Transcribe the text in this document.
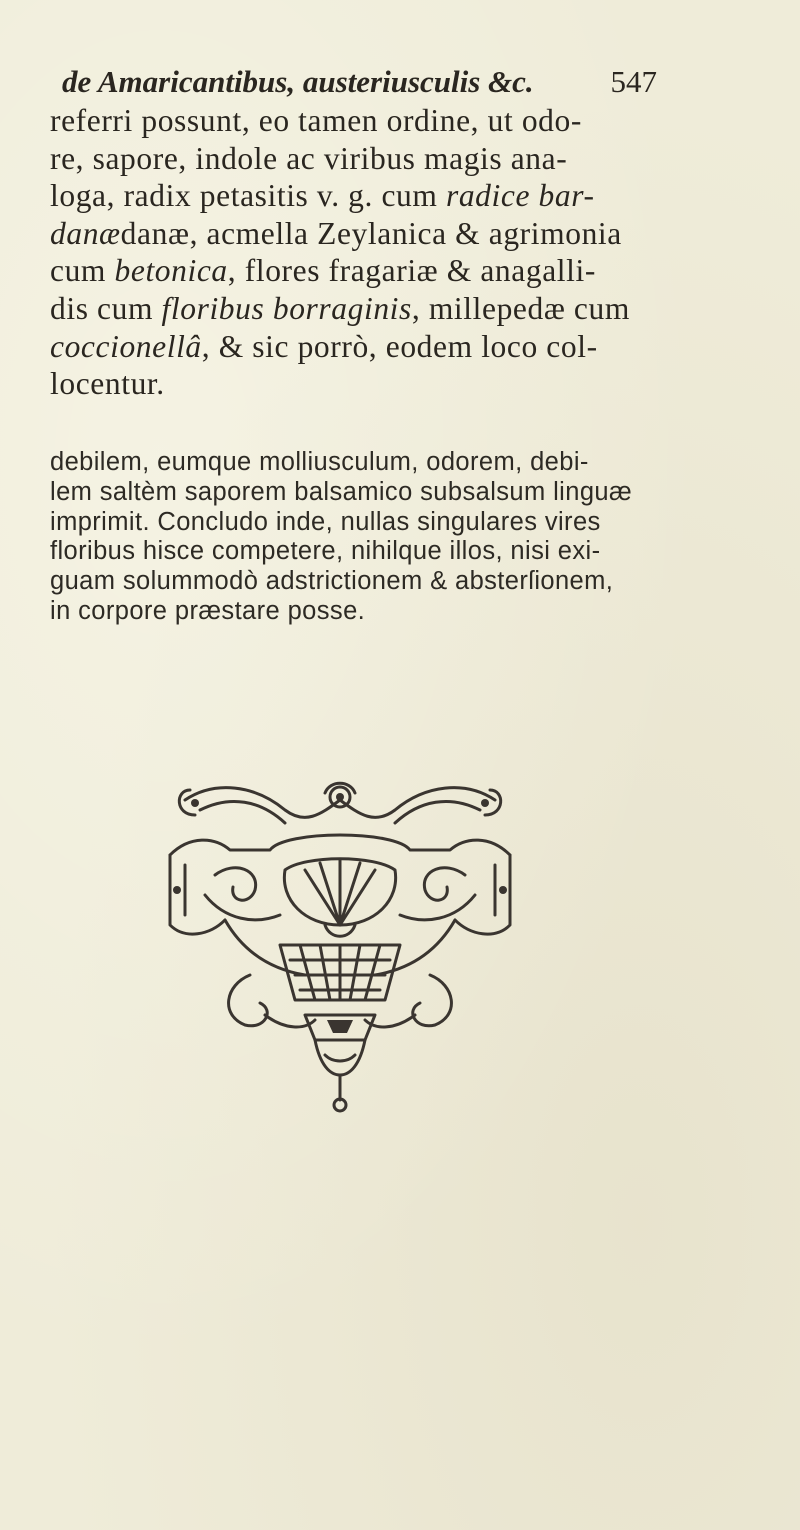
de Amaricantibus, austeriusculis &c. 547
referri possunt, eo tamen ordine, ut odo-
re, sapore, indole ac viribus magis ana-
loga, radix petasitis v. g. cum radice bar-
danædanæ, acmella Zeylanica & agrimonia
cum betonica, flores fragariæ & anagalli-
dis cum floribus borraginis, millepedæ cum
coccionellâ, & sic porrò, eodem loco col-
locentur.
debilem, eumque molliusculum, odorem, debi-
lem saltèm saporem balsamico subsalsum linguæ
imprimit. Concludo inde, nullas singulares vires
floribus hisce competere, nihilque illos, nisi exi-
guam solummodò adstrictionem & absterſionem,
in corpore præstare posse.
